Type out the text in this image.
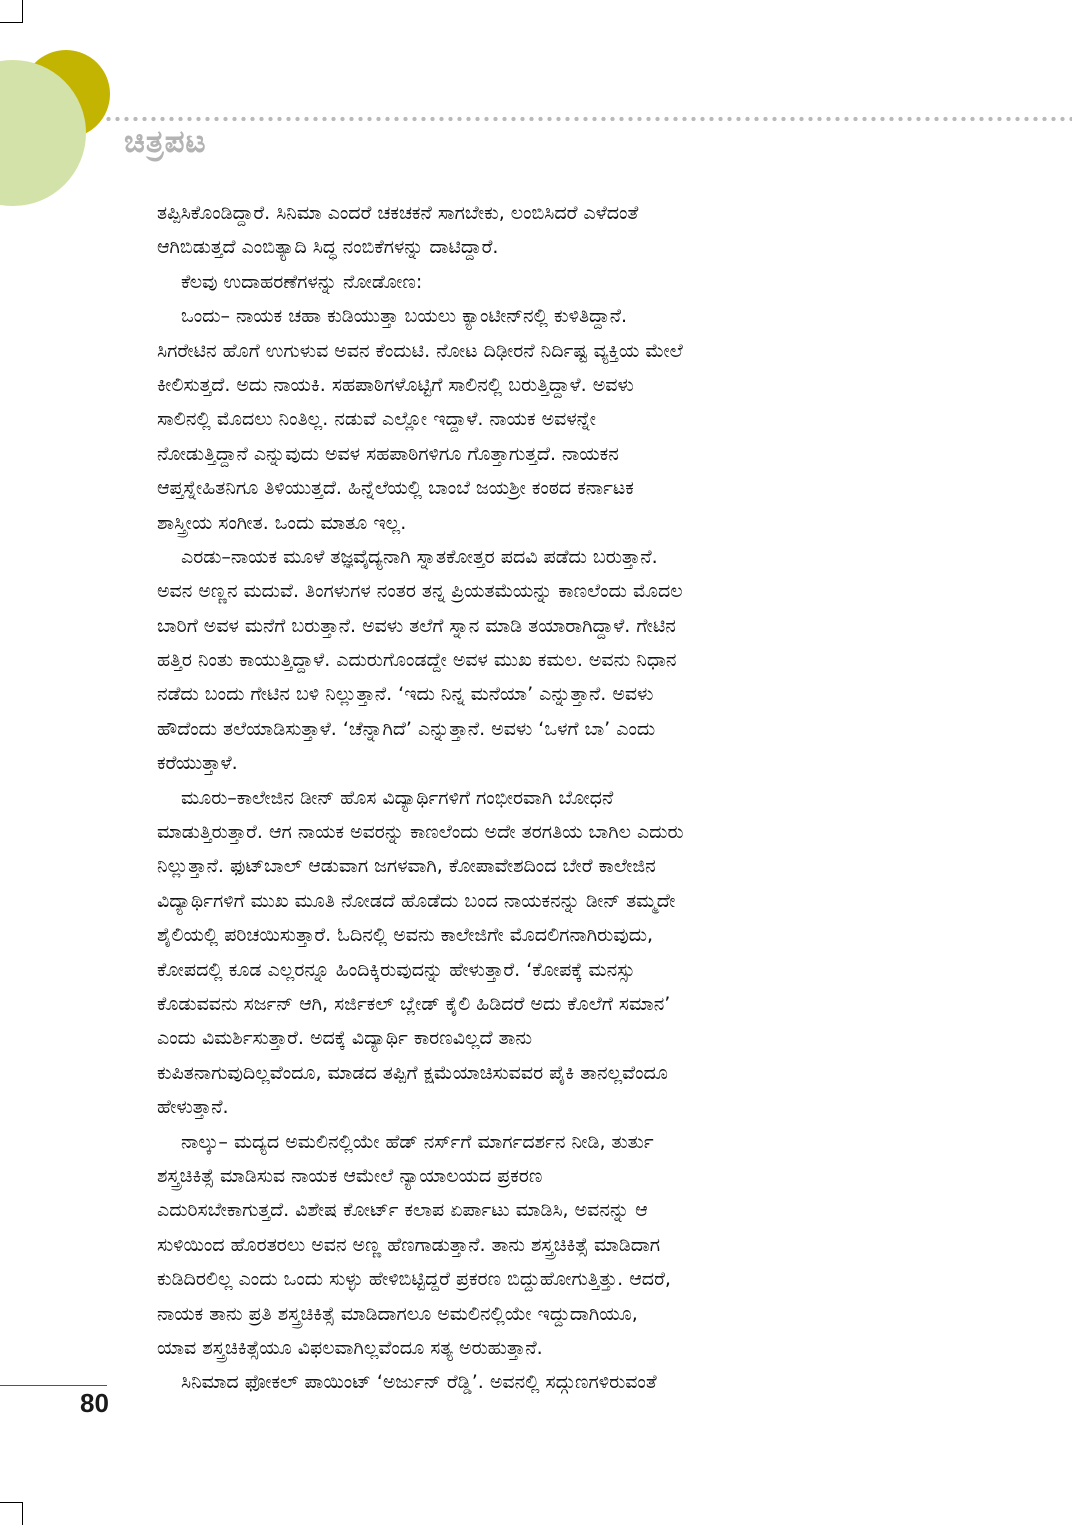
ಚಿತ್ರಪಟ
ತಪ್ಪಿಸಿಕೊಂಡಿದ್ದಾರೆ. ಸಿನಿಮಾ ಎಂದರೆ ಚಕಚಕನೆ ಸಾಗಬೇಕು, ಲಂಬಿಸಿದರೆ ಎಳೆದಂತೆ
ಆಗಿಬಿಡುತ್ತದೆ ಎಂಬಿತ್ಯಾದಿ ಸಿದ್ಧ ನಂಬಿಕೆಗಳನ್ನು ದಾಟಿದ್ದಾರೆ.
ಕೆಲವು ಉದಾಹರಣೆಗಳನ್ನು ನೋಡೋಣ:
ಒಂದು– ನಾಯಕ ಚಹಾ ಕುಡಿಯುತ್ತಾ ಬಯಲು ಕ್ಯಾಂಟೀನ್‌ನಲ್ಲಿ ಕುಳಿತಿದ್ದಾನೆ.
ಸಿಗರೇಟಿನ ಹೊಗೆ ಉಗುಳುವ ಅವನ ಕೆಂದುಟಿ. ನೋಟ ದಿಢೀರನೆ ನಿರ್ದಿಷ್ಟ ವ್ಯಕ್ತಿಯ ಮೇಲೆ
ಕೀಲಿಸುತ್ತದೆ. ಅದು ನಾಯಕಿ. ಸಹಪಾಠಿಗಳೊಟ್ಟಿಗೆ ಸಾಲಿನಲ್ಲಿ ಬರುತ್ತಿದ್ದಾಳೆ. ಅವಳು
ಸಾಲಿನಲ್ಲಿ ಮೊದಲು ನಿಂತಿಲ್ಲ. ನಡುವೆ ಎಲ್ಲೋ ಇದ್ದಾಳೆ. ನಾಯಕ ಅವಳನ್ನೇ
ನೋಡುತ್ತಿದ್ದಾನೆ ಎನ್ನುವುದು ಅವಳ ಸಹಪಾಠಿಗಳಿಗೂ ಗೊತ್ತಾಗುತ್ತದೆ. ನಾಯಕನ
ಆಪ್ತಸ್ನೇಹಿತನಿಗೂ ತಿಳಿಯುತ್ತದೆ. ಹಿನ್ನೆಲೆಯಲ್ಲಿ ಬಾಂಬೆ ಜಯಶ್ರೀ ಕಂಠದ ಕರ್ನಾಟಕ
ಶಾಸ್ತ್ರೀಯ ಸಂಗೀತ. ಒಂದು ಮಾತೂ ಇಲ್ಲ.
ಎರಡು–ನಾಯಕ ಮೂಳೆ ತಜ್ಞವೈದ್ಯನಾಗಿ ಸ್ನಾತಕೋತ್ತರ ಪದವಿ ಪಡೆದು ಬರುತ್ತಾನೆ.
ಅವನ ಅಣ್ಣನ ಮದುವೆ. ತಿಂಗಳುಗಳ ನಂತರ ತನ್ನ ಪ್ರಿಯತಮೆಯನ್ನು ಕಾಣಲೆಂದು ಮೊದಲ
ಬಾರಿಗೆ ಅವಳ ಮನೆಗೆ ಬರುತ್ತಾನೆ. ಅವಳು ತಲೆಗೆ ಸ್ನಾನ ಮಾಡಿ ತಯಾರಾಗಿದ್ದಾಳೆ. ಗೇಟಿನ
ಹತ್ತಿರ ನಿಂತು ಕಾಯುತ್ತಿದ್ದಾಳೆ. ಎದುರುಗೊಂಡದ್ದೇ ಅವಳ ಮುಖ ಕಮಲ. ಅವನು ನಿಧಾನ
ನಡೆದು ಬಂದು ಗೇಟಿನ ಬಳಿ ನಿಲ್ಲುತ್ತಾನೆ. ‘ಇದು ನಿನ್ನ ಮನೆಯಾ’ ಎನ್ನುತ್ತಾನೆ. ಅವಳು
ಹೌದೆಂದು ತಲೆಯಾಡಿಸುತ್ತಾಳೆ. ‘ಚೆನ್ನಾಗಿದೆ’ ಎನ್ನುತ್ತಾನೆ. ಅವಳು ‘ಒಳಗೆ ಬಾ’ ಎಂದು
ಕರೆಯುತ್ತಾಳೆ.
ಮೂರು–ಕಾಲೇಜಿನ ಡೀನ್ ಹೊಸ ವಿದ್ಯಾರ್ಥಿಗಳಿಗೆ ಗಂಭೀರವಾಗಿ ಬೋಧನೆ
ಮಾಡುತ್ತಿರುತ್ತಾರೆ. ಆಗ ನಾಯಕ ಅವರನ್ನು ಕಾಣಲೆಂದು ಅದೇ ತರಗತಿಯ ಬಾಗಿಲ ಎದುರು
ನಿಲ್ಲುತ್ತಾನೆ. ಫುಟ್‌ಬಾಲ್ ಆಡುವಾಗ ಜಗಳವಾಗಿ, ಕೋಪಾವೇಶದಿಂದ ಬೇರೆ ಕಾಲೇಜಿನ
ವಿದ್ಯಾರ್ಥಿಗಳಿಗೆ ಮುಖ ಮೂತಿ ನೋಡದೆ ಹೊಡೆದು ಬಂದ ನಾಯಕನನ್ನು ಡೀನ್ ತಮ್ಮದೇ
ಶೈಲಿಯಲ್ಲಿ ಪರಿಚಯಿಸುತ್ತಾರೆ. ಓದಿನಲ್ಲಿ ಅವನು ಕಾಲೇಜಿಗೇ ಮೊದಲಿಗನಾಗಿರುವುದು,
ಕೋಪದಲ್ಲಿ ಕೂಡ ಎಲ್ಲರನ್ನೂ ಹಿಂದಿಕ್ಕಿರುವುದನ್ನು ಹೇಳುತ್ತಾರೆ. ‘ಕೋಪಕ್ಕೆ ಮನಸ್ಸು
ಕೊಡುವವನು ಸರ್ಜನ್ ಆಗಿ, ಸರ್ಜಿಕಲ್ ಬ್ಲೇಡ್ ಕೈಲಿ ಹಿಡಿದರೆ ಅದು ಕೊಲೆಗೆ ಸಮಾನ’
ಎಂದು ವಿಮರ್ಶಿಸುತ್ತಾರೆ. ಅದಕ್ಕೆ ವಿದ್ಯಾರ್ಥಿ ಕಾರಣವಿಲ್ಲದೆ ತಾನು
ಕುಪಿತನಾಗುವುದಿಲ್ಲವೆಂದೂ, ಮಾಡದ ತಪ್ಪಿಗೆ ಕ್ಷಮೆಯಾಚಿಸುವವರ ಪೈಕಿ ತಾನಲ್ಲವೆಂದೂ
ಹೇಳುತ್ತಾನೆ.
ನಾಲ್ಕು– ಮದ್ಯದ ಅಮಲಿನಲ್ಲಿಯೇ ಹೆಡ್ ನರ್ಸ್‌ಗೆ ಮಾರ್ಗದರ್ಶನ ನೀಡಿ, ತುರ್ತು
ಶಸ್ತ್ರಚಿಕಿತ್ಸೆ ಮಾಡಿಸುವ ನಾಯಕ ಆಮೇಲೆ ನ್ಯಾಯಾಲಯದ ಪ್ರಕರಣ
ಎದುರಿಸಬೇಕಾಗುತ್ತದೆ. ವಿಶೇಷ ಕೋರ್ಟ್ ಕಲಾಪ ಏರ್ಪಾಟು ಮಾಡಿಸಿ, ಅವನನ್ನು ಆ
ಸುಳಿಯಿಂದ ಹೊರತರಲು ಅವನ ಅಣ್ಣ ಹೆಣಗಾಡುತ್ತಾನೆ. ತಾನು ಶಸ್ತ್ರಚಿಕಿತ್ಸೆ ಮಾಡಿದಾಗ
ಕುಡಿದಿರಲಿಲ್ಲ ಎಂದು ಒಂದು ಸುಳ್ಳು ಹೇಳಿಬಿಟ್ಟಿದ್ದರೆ ಪ್ರಕರಣ ಬಿದ್ದುಹೋಗುತ್ತಿತ್ತು. ಆದರೆ,
ನಾಯಕ ತಾನು ಪ್ರತಿ ಶಸ್ತ್ರಚಿಕಿತ್ಸೆ ಮಾಡಿದಾಗಲೂ ಅಮಲಿನಲ್ಲಿಯೇ ಇದ್ದುದಾಗಿಯೂ,
ಯಾವ ಶಸ್ತ್ರಚಿಕಿತ್ಸೆಯೂ ವಿಫಲವಾಗಿಲ್ಲವೆಂದೂ ಸತ್ಯ ಅರುಹುತ್ತಾನೆ.
ಸಿನಿಮಾದ ಫೋಕಲ್ ಪಾಯಿಂಟ್ ‘ಅರ್ಜುನ್ ರೆಡ್ಡಿ’. ಅವನಲ್ಲಿ ಸದ್ಗುಣಗಳಿರುವಂತೆ
80
